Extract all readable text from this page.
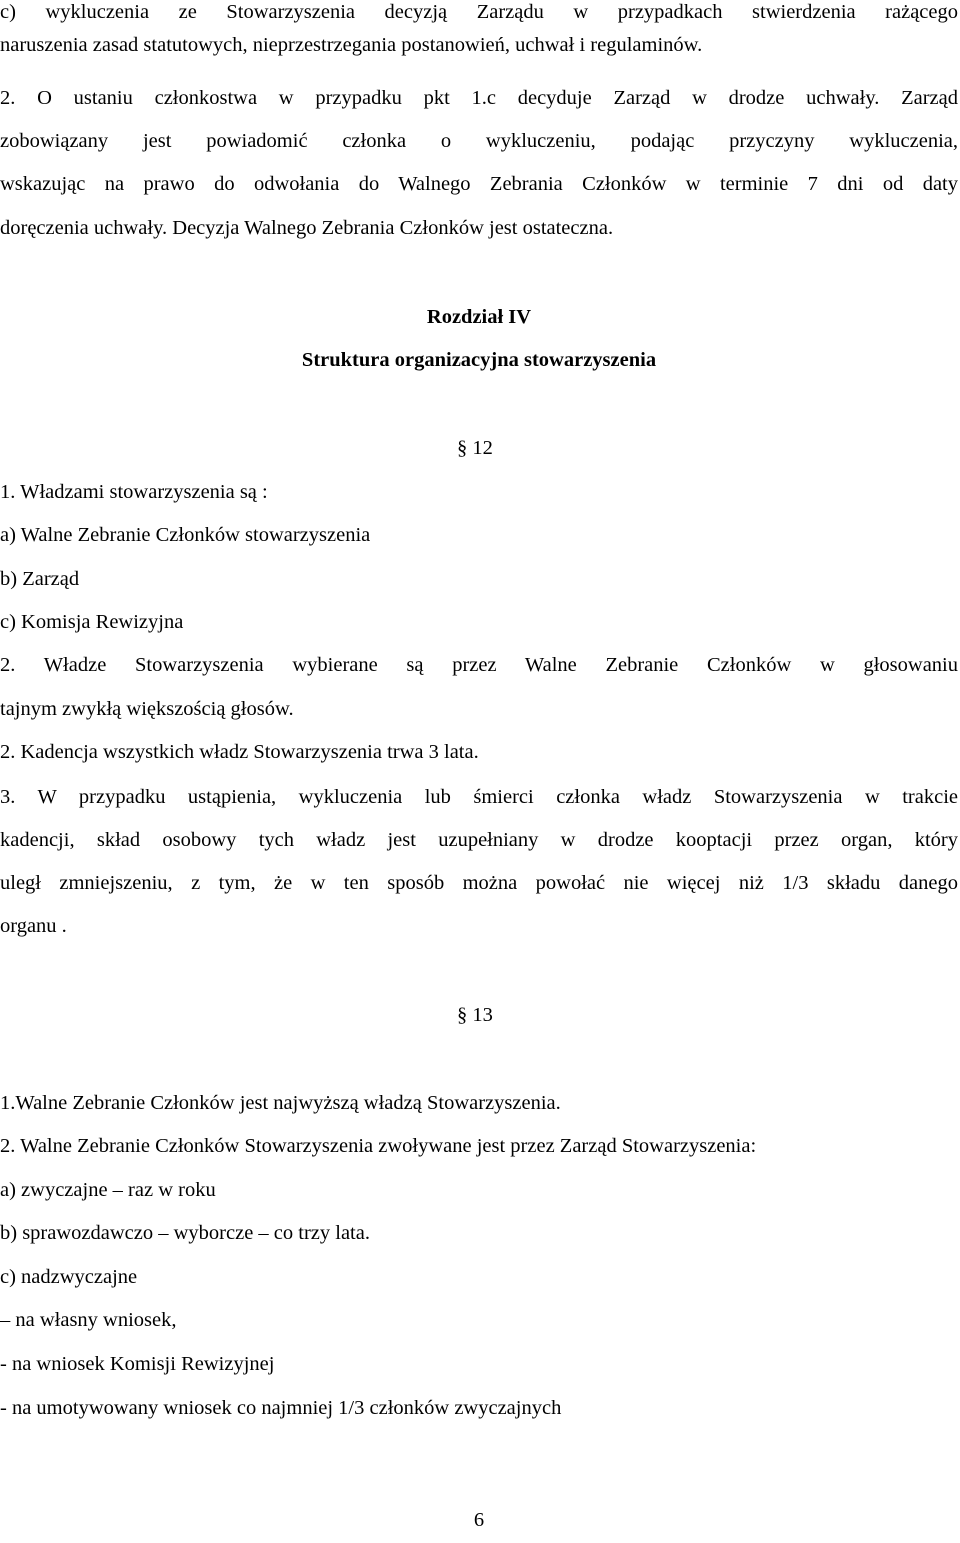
c) wykluczenia ze Stowarzyszenia decyzją Zarządu w przypadkach stwierdzenia rażącego
naruszenia zasad statutowych, nieprzestrzegania postanowień, uchwał i regulaminów.
2. O ustaniu członkostwa w przypadku pkt 1.c decyduje Zarząd w drodze uchwały. Zarząd
zobowiązany jest powiadomić członka o wykluczeniu, podając przyczyny wykluczenia,
wskazując na prawo do odwołania do Walnego Zebrania Członków w terminie 7 dni od daty
doręczenia uchwały. Decyzja Walnego Zebrania Członków jest ostateczna.
Rozdział IV
Struktura organizacyjna stowarzyszenia
§ 12
1. Władzami stowarzyszenia są :
a) Walne Zebranie Członków stowarzyszenia
b) Zarząd
c) Komisja Rewizyjna
2. Władze Stowarzyszenia wybierane są przez Walne Zebranie Członków w głosowaniu
tajnym zwykłą większością głosów.
2. Kadencja wszystkich władz Stowarzyszenia trwa 3 lata.
3. W przypadku ustąpienia, wykluczenia lub śmierci członka władz Stowarzyszenia w trakcie
kadencji, skład osobowy tych władz jest uzupełniany w drodze kooptacji przez organ, który
uległ zmniejszeniu, z tym, że w ten sposób można powołać nie więcej niż 1/3 składu danego
organu .
§ 13
1.Walne Zebranie Członków jest najwyższą władzą Stowarzyszenia.
2. Walne Zebranie Członków Stowarzyszenia zwoływane jest przez Zarząd Stowarzyszenia:
a) zwyczajne – raz w roku
b) sprawozdawczo – wyborcze – co trzy lata.
c) nadzwyczajne
– na własny wniosek,
- na wniosek Komisji Rewizyjnej
- na umotywowany wniosek co najmniej 1/3 członków zwyczajnych
6
